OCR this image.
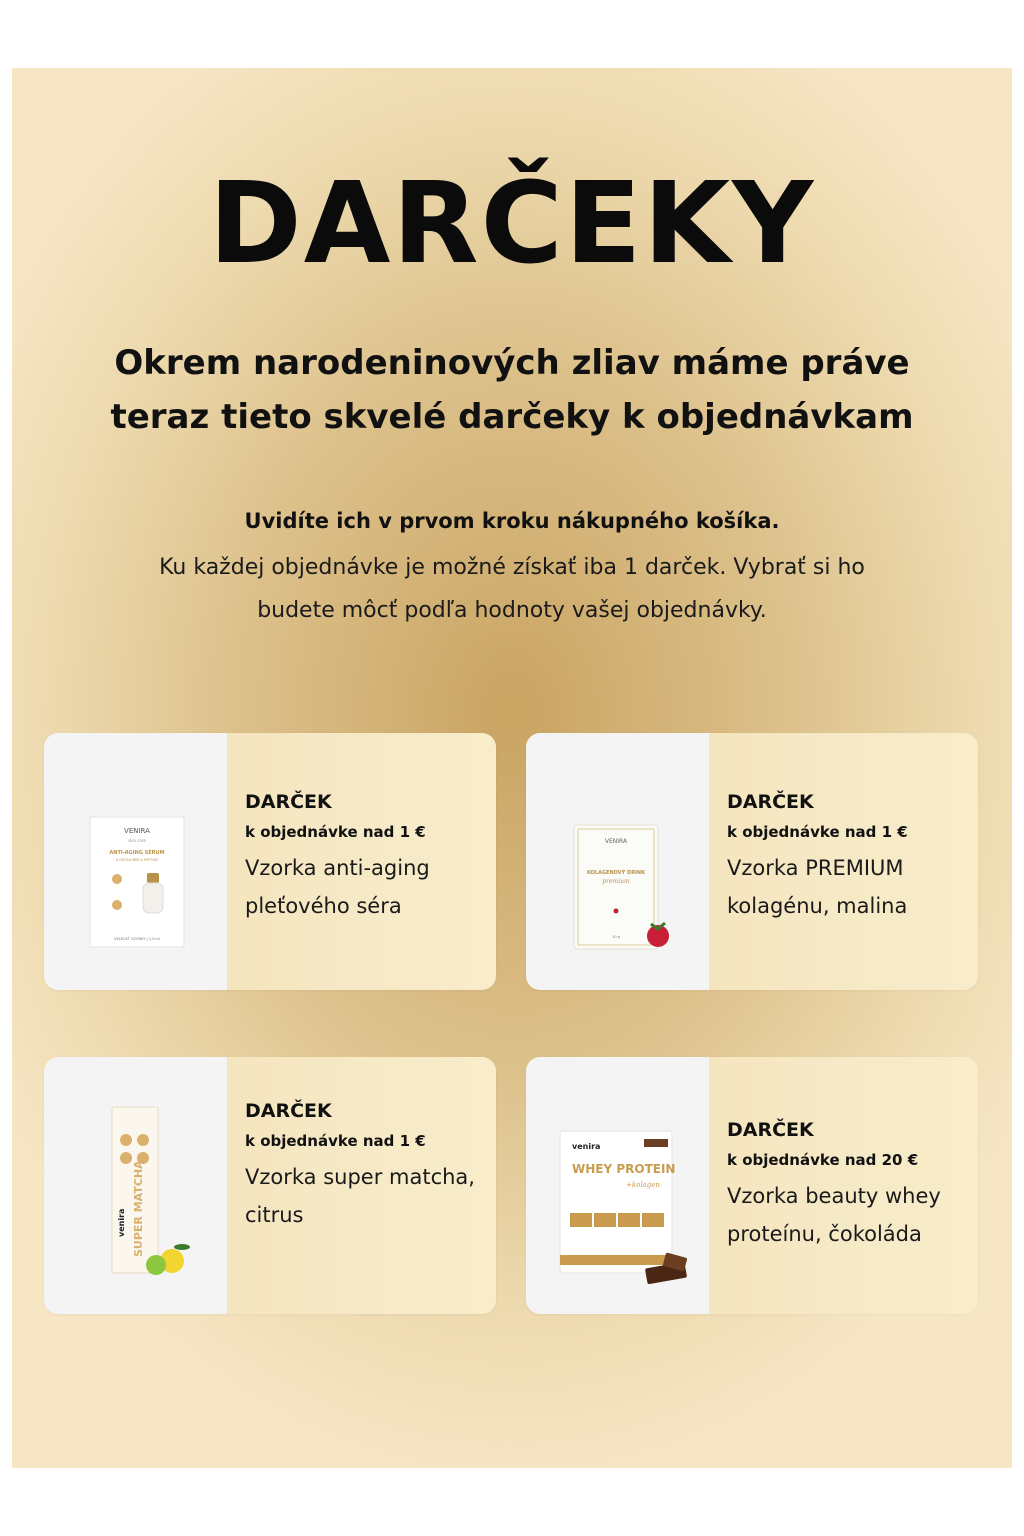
DARČEKY
Okrem narodeninových zliav máme práve teraz tieto skvelé darčeky k objednávkam
Uvidíte ich v prvom kroku nákupného košíka.
Ku každej objednávke je možné získať iba 1 darček. Vybrať si ho budete môcť podľa hodnoty vašej objednávky.
VENIRA
skin care
ANTI-AGING SÉRUM
S OKYSLENÍM A PEPTIDY
VEĽKOSŤ VZORKY | 2,5 ml
DARČEK
k objednávke nad 1 €
Vzorka anti-aging pleťového séra
VENIRA
KOLAGENOVÝ DRINK
premium
10 g
DARČEK
k objednávke nad 1 €
Vzorka PREMIUM kolagénu, malina
venira SUPER MATCHA
DARČEK
k objednávke nad 1 €
Vzorka super matcha, citrus
venira
WHEY PROTEIN
+kolagen
DARČEK
k objednávke nad 20 €
Vzorka beauty whey proteínu, čokoláda
